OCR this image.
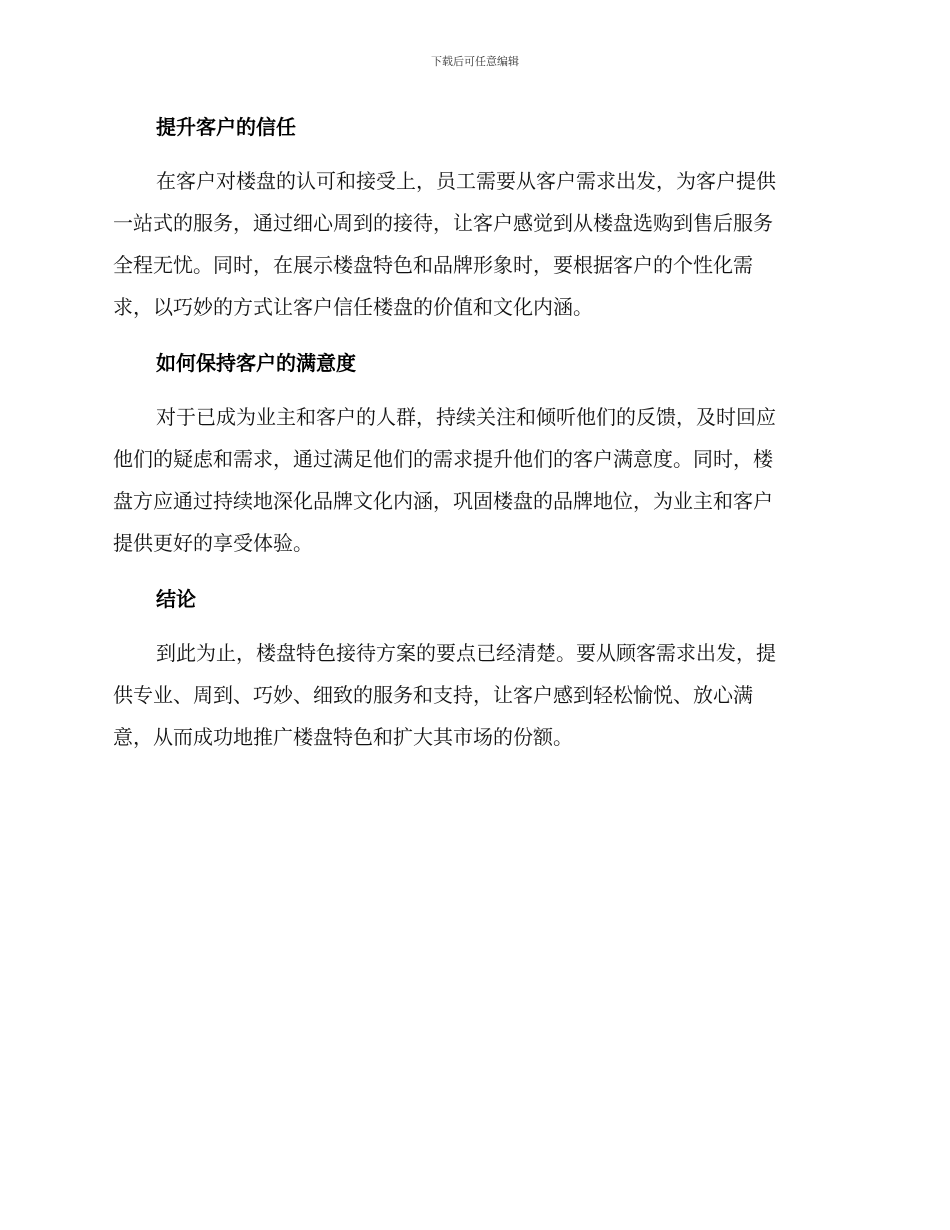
下载后可任意编辑
提升客户的信任

在客户对楼盘的认可和接受上，员工需要从客户需求出发，为客户提供
一站式的服务，通过细心周到的接待，让客户感觉到从楼盘选购到售后服务
全程无忧。同时，在展示楼盘特色和品牌形象时，要根据客户的个性化需
求，以巧妙的方式让客户信任楼盘的价值和文化内涵。

如何保持客户的满意度

对于已成为业主和客户的人群，持续关注和倾听他们的反馈，及时回应
他们的疑虑和需求，通过满足他们的需求提升他们的客户满意度。同时，楼
盘方应通过持续地深化品牌文化内涵，巩固楼盘的品牌地位，为业主和客户
提供更好的享受体验。

结论

到此为止，楼盘特色接待方案的要点已经清楚。要从顾客需求出发，提
供专业、周到、巧妙、细致的服务和支持，让客户感到轻松愉悦、放心满
意，从而成功地推广楼盘特色和扩大其市场的份额。
